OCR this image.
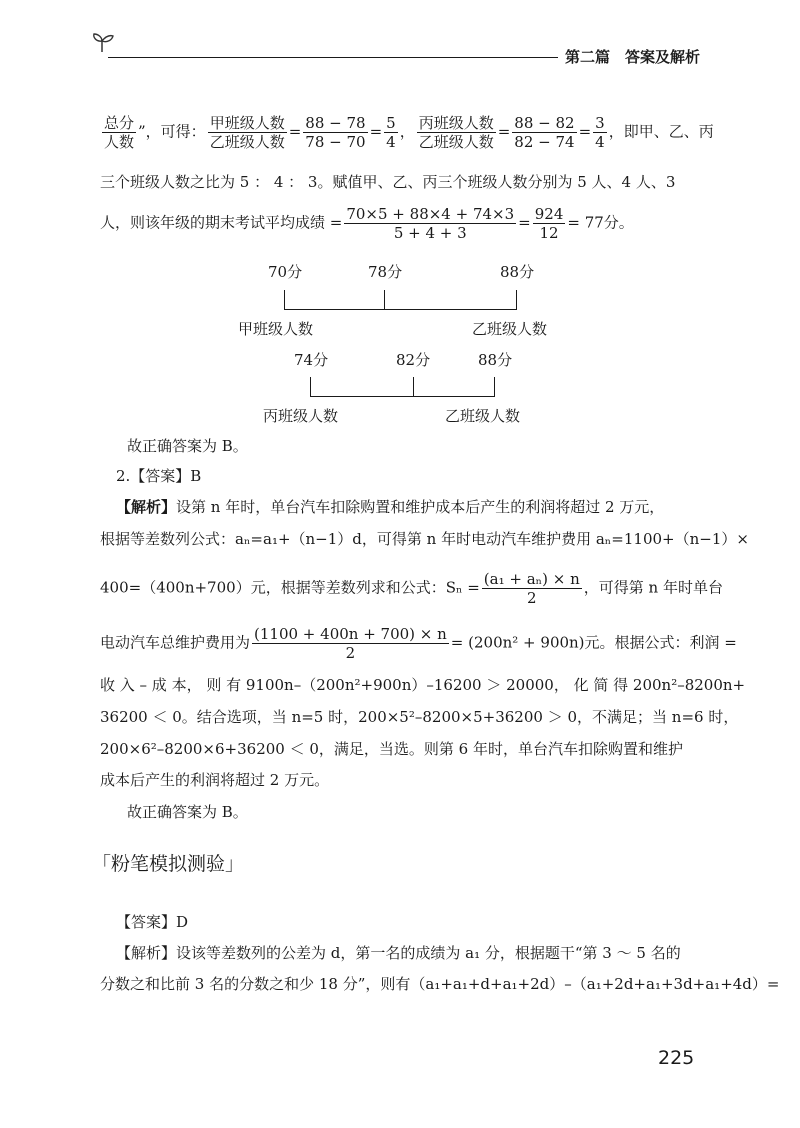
第二篇　答案及解析
$\frac{\text{总分}}{\text{人数}}$ ”，可得： $\frac{\text{甲班级人数}}{\text{乙班级人数}} = \frac{88 - 78}{78 - 70} = \frac{5}{4}$ ， $\frac{\text{丙班级人数}}{\text{乙班级人数}} = \frac{88 - 82}{82 - 74} = \frac{3}{4}$ ，即甲、乙、丙
三个班级人数之比为 5 ： 4 ： 3。赋值甲、乙、丙三个班级人数分别为 5 人、4 人、3
人，则该年级的期末考试平均成绩 = $\frac{70\times 5 + 88\times 4 + 74\times 3}{5 + 4 + 3} = \frac{924}{12} = 77$分。
70分	78分	88分
甲班级人数	乙班级人数
74分	82分	88分
丙班级人数	乙班级人数
故正确答案为 B。
2.【答案】B
【解析】设第 n 年时，单台汽车扣除购置和维护成本后产生的利润将超过 2 万元，
根据等差数列公式：aₙ=a₁+（n−1）d，可得第 n 年时电动汽车维护费用 aₙ=1100+（n−1）×
400=（400n+700）元，根据等差数列求和公式：$S_n = \frac{\text{(a₁ + aₙ) × n}}{2}$ ，可得第 n 年时单台
电动汽车总维护费用为 $\frac{(1100 + 400n + 700) \times n}{2} = (200n^2 + 900n)$元。根据公式：利润 =
收 入 – 成 本， 则 有 9100n–（200n²+900n）–16200 ＞ 20000， 化 简 得 200n²–8200n+
36200 ＜ 0。结合选项，当 n=5 时，200×5²–8200×5+36200 ＞ 0，不满足；当 n=6 时，
200×6²–8200×6+36200 ＜ 0，满足，当选。则第 6 年时，单台汽车扣除购置和维护
成本后产生的利润将超过 2 万元。
故正确答案为 B。
「粉笔模拟测验」
【答案】D
【解析】设该等差数列的公差为 d，第一名的成绩为 a₁ 分，根据题干“第 3 ～ 5 名的
分数之和比前 3 名的分数之和少 18 分”，则有（a₁+a₁+d+a₁+2d）–（a₁+2d+a₁+3d+a₁+4d）=
225
